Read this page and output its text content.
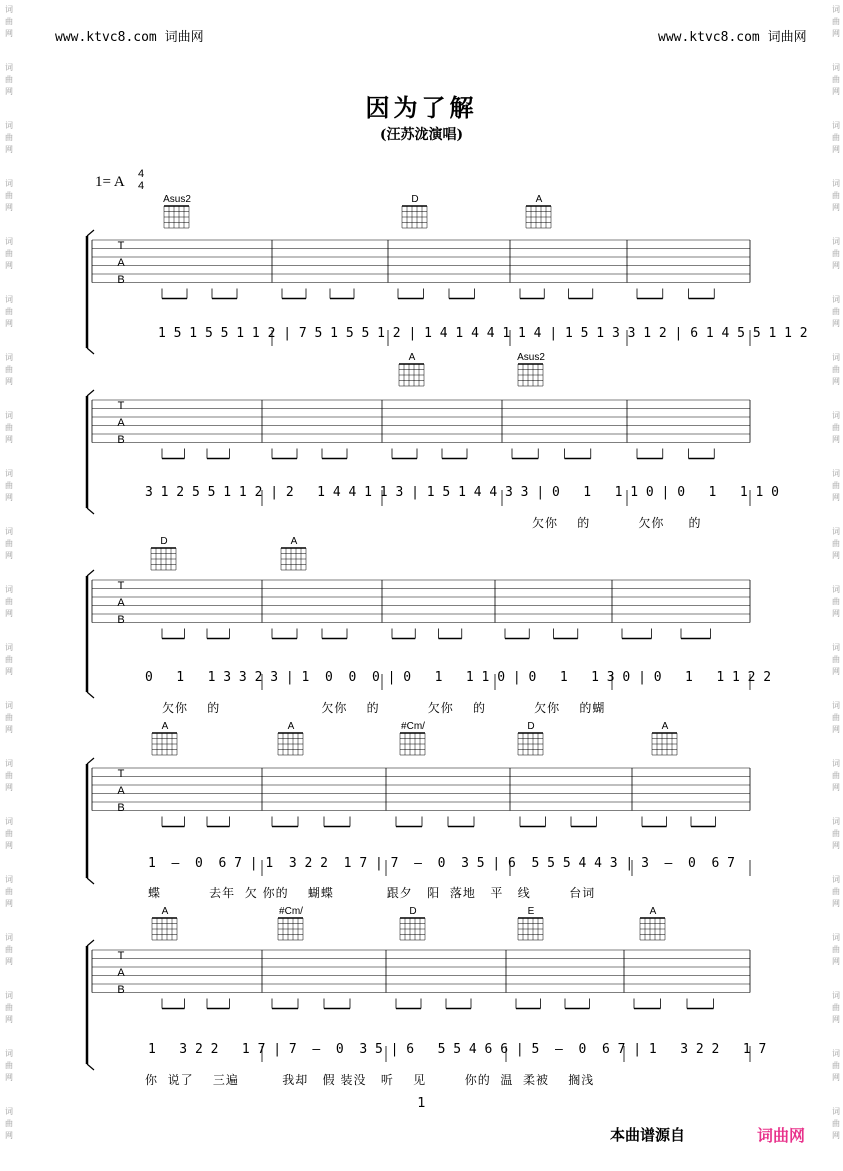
www.ktvc8.com 词曲网	www.ktvc8.com 词曲网
词
曲
网
词
曲
网
词
曲
网
词
曲
网
词
曲
网
词
曲
网
词
曲
网
词
曲
网
词
曲
网
词
曲
网
词
曲
网
词
曲
网
词
曲
网
词
曲
网
词
曲
网
词
曲
网
词
曲
网
词
曲
网
词
曲
网
词
曲
网
词
曲
网
词
曲
网
词
曲
网
词
曲
网
词
曲
网
词
曲
网
词
曲
网
词
曲
网
词
曲
网
词
曲
网
词
曲
网
词
曲
网
词
曲
网
词
曲
网
词
曲
网
词
曲
网
词
曲
网
词
曲
网
词
曲
网
词
曲
网
因为了解
(汪苏泷演唱)
1= A 4
4
T
A
B
T
A
B
T
A
B
T
A
B
T
A
B
Asus2	D	A
A	Asus2
D	A
A	A	#Cm/	D	A
A	#Cm/	D	E	A
1 5 1 5 5 1 1 2 | 7 5 1 5 5 1 2 | 1 4 1 4 4 1 1 4 | 1 5 1 3 3 1 2 | 6 1 4 5 5 1 1 2
3 1 2 5 5 1 1 2 | 2   1 4 4 1 1 3 | 1 5 1 4 4 3 3 | 0   1   1 1 0 | 0   1   1 1 0
欠你    的          欠你     的
0   1   1 3 3 2 3 | 1  0  0  0 | 0   1   1 1 0 | 0   1   1 3 0 | 0   1   1 1 2 2
欠你    的                     欠你    的          欠你    的          欠你    的蝴
1  —  0  6 7 | 1  3 2 2  1 7 | 7  —  0  3 5 | 6  5 5 5 4 4 3 | 3  —  0  6 7
蝶          去年  欠 你的    蝴蝶           跟夕   阳  落地   平   线        台词
1   3 2 2   1 7 | 7  —  0  3 5 | 6   5 5 4 6 6 | 5  —  0  6 7 | 1   3 2 2   1 7
你  说了    三遍         我却   假 装没   听    见        你的  温  柔被    搁浅
1
本曲谱源自	词曲网
